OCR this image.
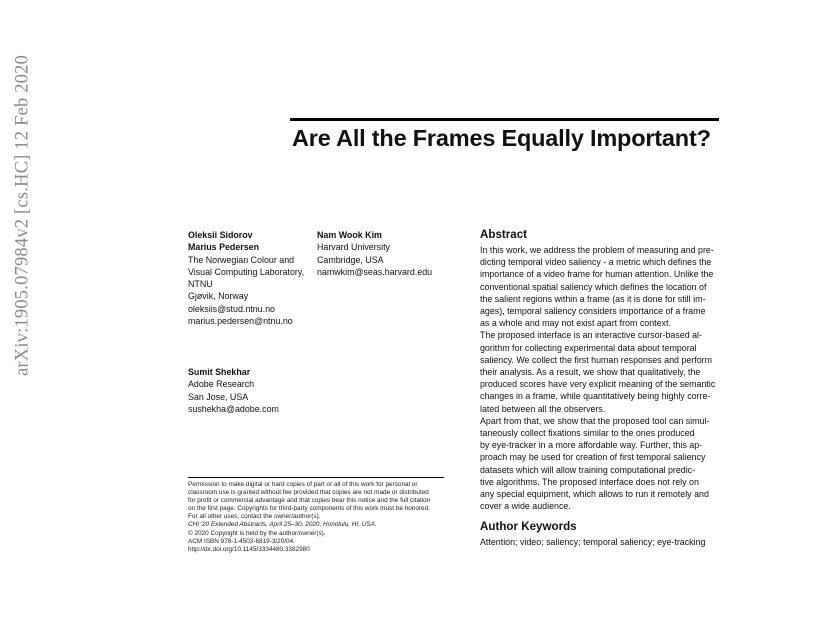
arXiv:1905.07984v2 [cs.HC] 12 Feb 2020	Are All the Frames Equally Important?
Oleksii Sidorov
Marius Pedersen
The Norwegian Colour and
Visual Computing Laboratory,
NTNU
Gjøvik, Norway
oleksiis@stud.ntnu.no
marius.pedersen@ntnu.no
Nam Wook Kim
Harvard University
Cambridge, USA
namwkim@seas.harvard.edu
Sumit Shekhar
Adobe Research
San Jose, USA
sushekha@adobe.com

Permission to make digital or hard copies of part or all of this work for personal or
classroom use is granted without fee provided that copies are not made or distributed
for profit or commercial advantage and that copies bear this notice and the full citation
on the first page. Copyrights for third-party components of this work must be honored.
For all other uses, contact the owner/author(s).

CHI '20 Extended Abstracts, April 25–30, 2020, Honolulu, HI, USA.

© 2020 Copyright is held by the author/owner(s).

ACM ISBN 978-1-4503-6819-3/20/04.

http://dx.doi.org/10.1145/3334480.3382980

Abstract

In this work, we address the problem of measuring and pre-
dicting temporal video saliency - a metric which defines the
importance of a video frame for human attention. Unlike the
conventional spatial saliency which defines the location of
the salient regions within a frame (as it is done for still im-
ages), temporal saliency considers importance of a frame
as a whole and may not exist apart from context.
The proposed interface is an interactive cursor-based al-
gorithm for collecting experimental data about temporal
saliency. We collect the first human responses and perform
their analysis. As a result, we show that qualitatively, the
produced scores have very explicit meaning of the semantic
changes in a frame, while quantitatively being highly corre-
lated between all the observers.
Apart from that, we show that the proposed tool can simul-
taneously collect fixations similar to the ones produced
by eye-tracker in a more affordable way. Further, this ap-
proach may be used for creation of first temporal saliency
datasets which will allow training computational predic-
tive algorithms. The proposed interface does not rely on
any special equipment, which allows to run it remotely and
cover a wide audience.

Author Keywords

Attention; video; saliency; temporal saliency; eye-tracking
